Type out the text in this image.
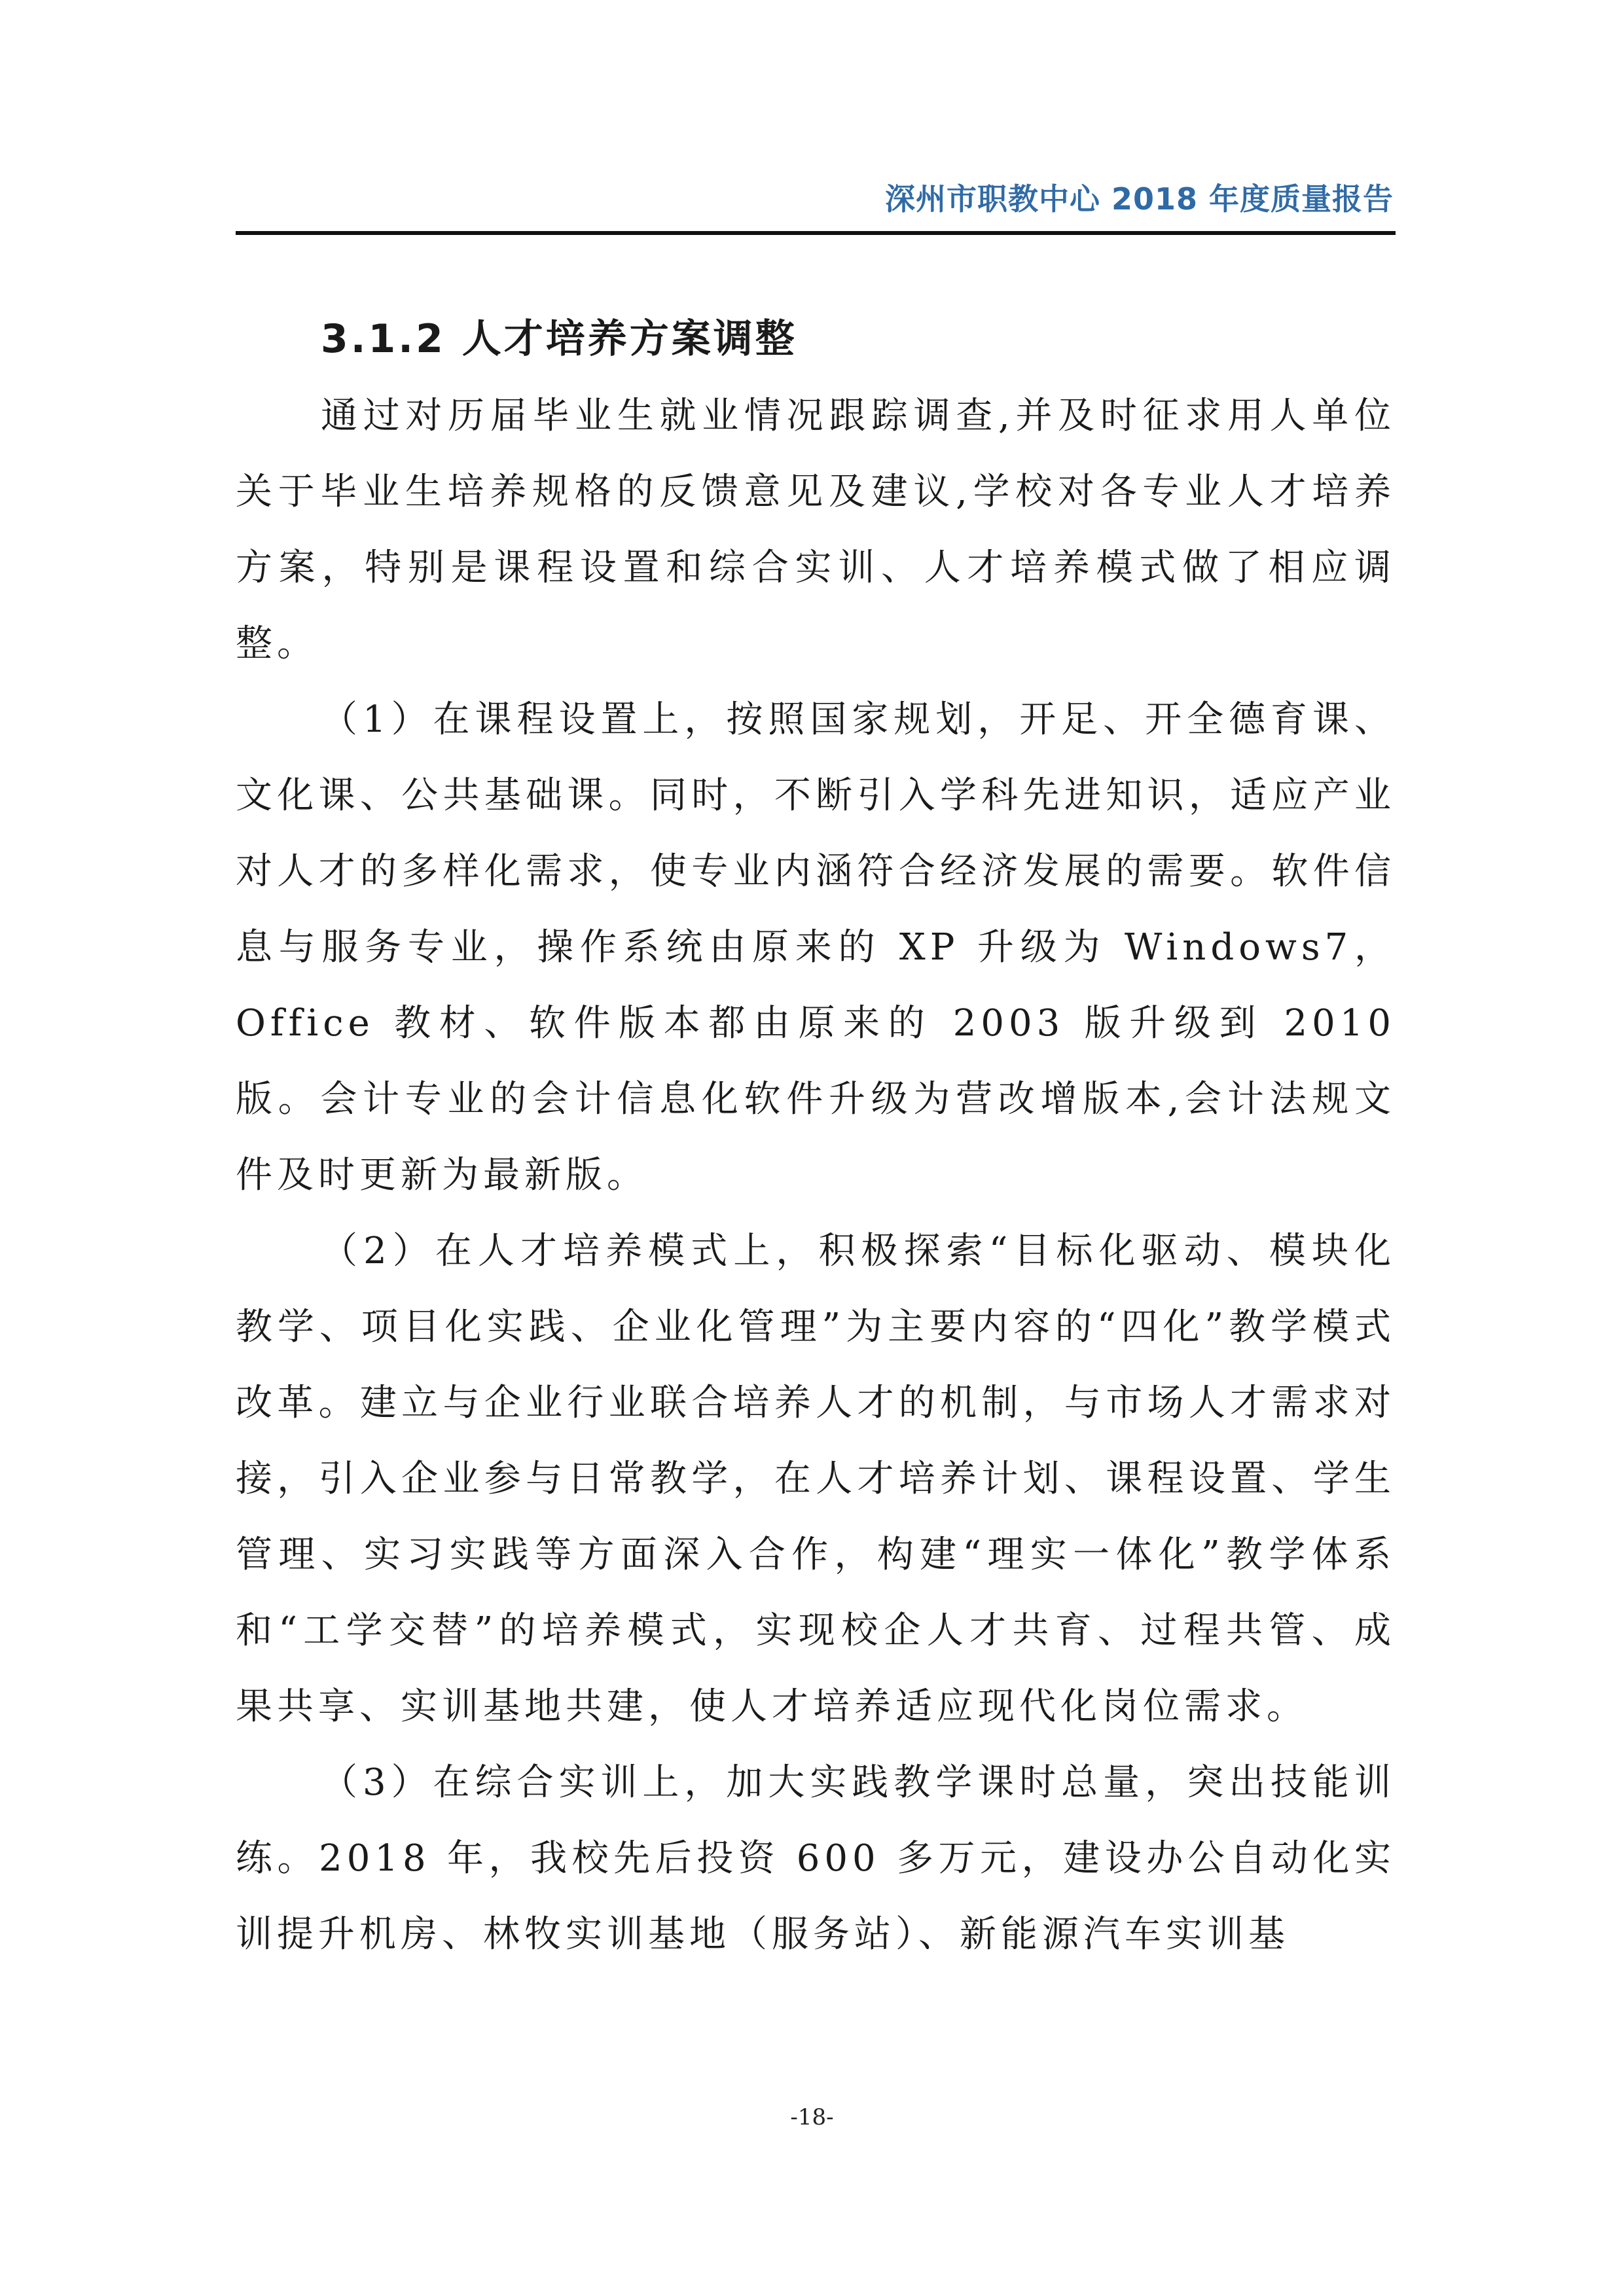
深州市职教中心 2018 年度质量报告
3.1.2 人才培养方案调整

通过对历届毕业生就业情况跟踪调查,并及时征求用人单位关于毕业生培养规格的反馈意见及建议,学校对各专业人才培养方案，特别是课程设置和综合实训、人才培养模式做了相应调整。

（1）在课程设置上，按照国家规划，开足、开全德育课、文化课、公共基础课。同时，不断引入学科先进知识，适应产业对人才的多样化需求，使专业内涵符合经济发展的需要。软件信息与服务专业，操作系统由原来的 XP 升级为 Windows7，Office 教材、软件版本都由原来的 2003 版升级到 2010 版。会计专业的会计信息化软件升级为营改增版本,会计法规文件及时更新为最新版。

（2）在人才培养模式上，积极探索“目标化驱动、模块化教学、项目化实践、企业化管理”为主要内容的“四化”教学模式改革。建立与企业行业联合培养人才的机制，与市场人才需求对接，引入企业参与日常教学，在人才培养计划、课程设置、学生管理、实习实践等方面深入合作，构建“理实一体化”教学体系和“工学交替”的培养模式，实现校企人才共育、过程共管、成果共享、实训基地共建，使人才培养适应现代化岗位需求。

（3）在综合实训上，加大实践教学课时总量，突出技能训练。2018 年，我校先后投资 600 多万元，建设办公自动化实训提升机房、林牧实训基地（服务站）、新能源汽车实训基

-18-
